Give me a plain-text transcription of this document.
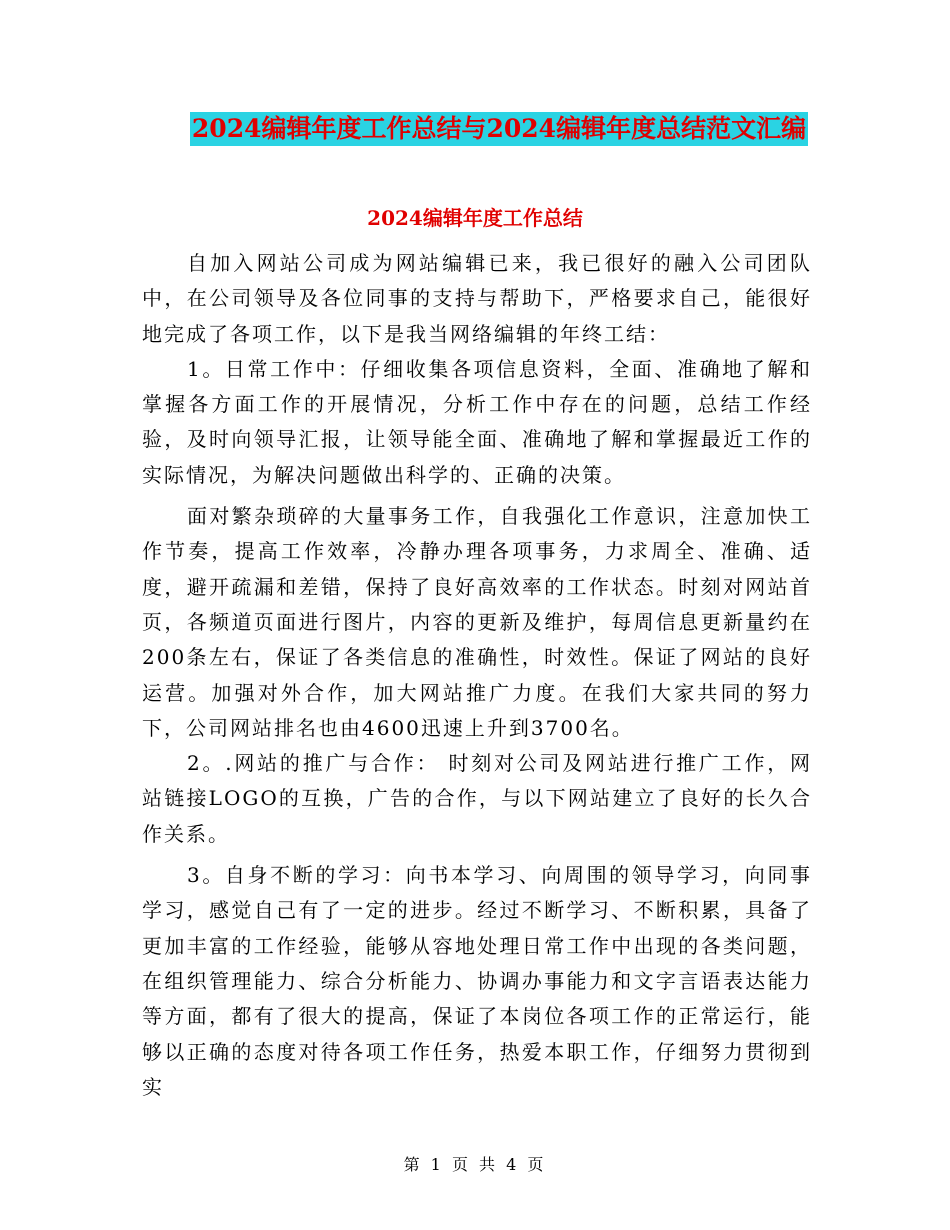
2024编辑年度工作总结与2024编辑年度总结范文汇编
2024编辑年度工作总结

自加入网站公司成为网站编辑已来，我已很好的融入公司团队中，在公司领导及各位同事的支持与帮助下，严格要求自己，能很好地完成了各项工作，以下是我当网络编辑的年终工结：

1。日常工作中：仔细收集各项信息资料，全面、准确地了解和掌握各方面工作的开展情况，分析工作中存在的问题，总结工作经验，及时向领导汇报，让领导能全面、准确地了解和掌握最近工作的实际情况，为解决问题做出科学的、正确的决策。

面对繁杂琐碎的大量事务工作，自我强化工作意识，注意加快工作节奏，提高工作效率，冷静办理各项事务，力求周全、准确、适度，避开疏漏和差错，保持了良好高效率的工作状态。时刻对网站首页，各频道页面进行图片，内容的更新及维护，每周信息更新量约在200条左右，保证了各类信息的准确性，时效性。保证了网站的良好运营。加强对外合作，加大网站推广力度。在我们大家共同的努力下，公司网站排名也由4600迅速上升到3700名。

2。.网站的推广与合作： 时刻对公司及网站进行推广工作，网站链接LOGO的互换，广告的合作，与以下网站建立了良好的长久合作关系。

3。自身不断的学习：向书本学习、向周围的领导学习，向同事学习，感觉自己有了一定的进步。经过不断学习、不断积累，具备了更加丰富的工作经验，能够从容地处理日常工作中出现的各类问题，在组织管理能力、综合分析能力、协调办事能力和文字言语表达能力等方面，都有了很大的提高，保证了本岗位各项工作的正常运行，能够以正确的态度对待各项工作任务，热爱本职工作，仔细努力贯彻到实

第 1 页 共 4 页
